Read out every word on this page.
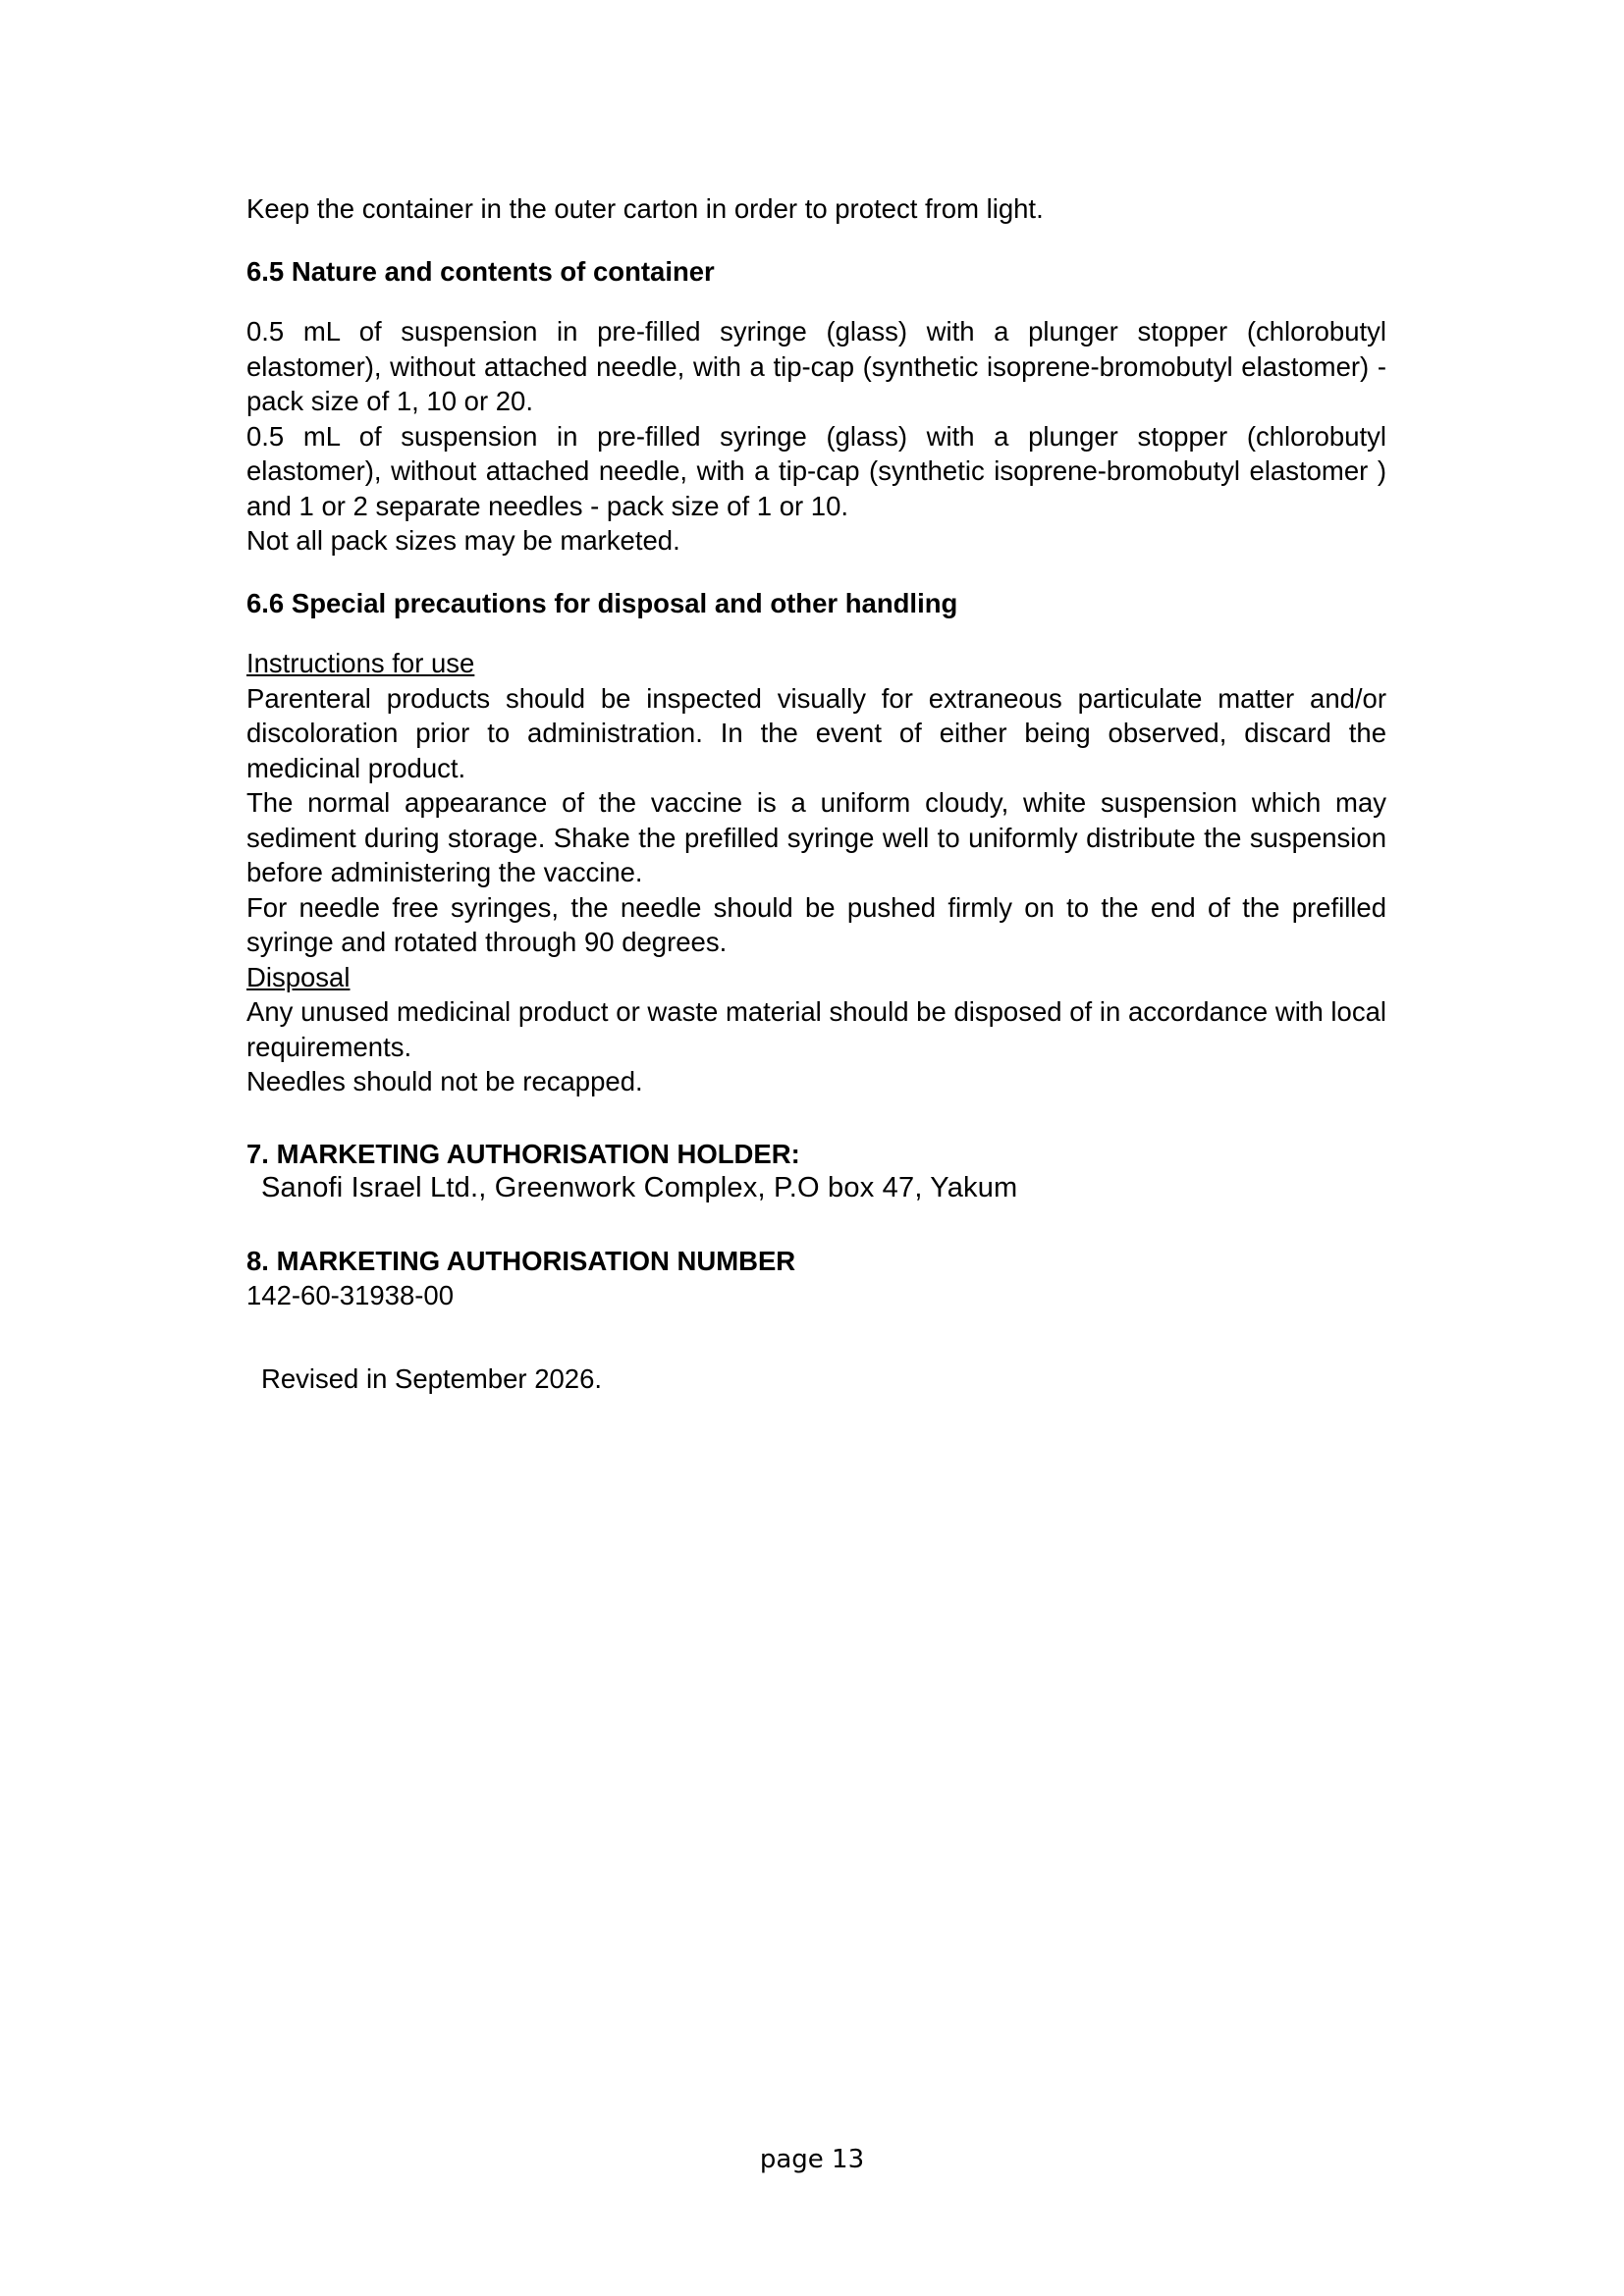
Keep the container in the outer carton in order to protect from light.

6.5 Nature and contents of container

0.5 mL of suspension in pre-filled syringe (glass) with a plunger stopper (chlorobutyl elastomer), without attached needle, with a tip-cap (synthetic isoprene-bromobutyl elastomer) - pack size of 1, 10 or 20.

0.5 mL of suspension in pre-filled syringe (glass) with a plunger stopper (chlorobutyl elastomer), without attached needle, with a tip-cap (synthetic isoprene-bromobutyl elastomer ) and 1 or 2 separate needles - pack size of 1 or 10.

Not all pack sizes may be marketed.

6.6 Special precautions for disposal and other handling

Instructions for use

Parenteral products should be inspected visually for extraneous particulate matter and/or discoloration prior to administration. In the event of either being observed, discard the medicinal product.

The normal appearance of the vaccine is a uniform cloudy, white suspension which may sediment during storage. Shake the prefilled syringe well to uniformly distribute the suspension before administering the vaccine.

For needle free syringes, the needle should be pushed firmly on to the end of the prefilled syringe and rotated through 90 degrees.

Disposal

Any unused medicinal product or waste material should be disposed of in accordance with local requirements.

Needles should not be recapped.

7. MARKETING AUTHORISATION HOLDER:

Sanofi Israel Ltd., Greenwork Complex, P.O box 47, Yakum

8. MARKETING AUTHORISATION NUMBER

142-60-31938-00

Revised in September 2026.

page 13
